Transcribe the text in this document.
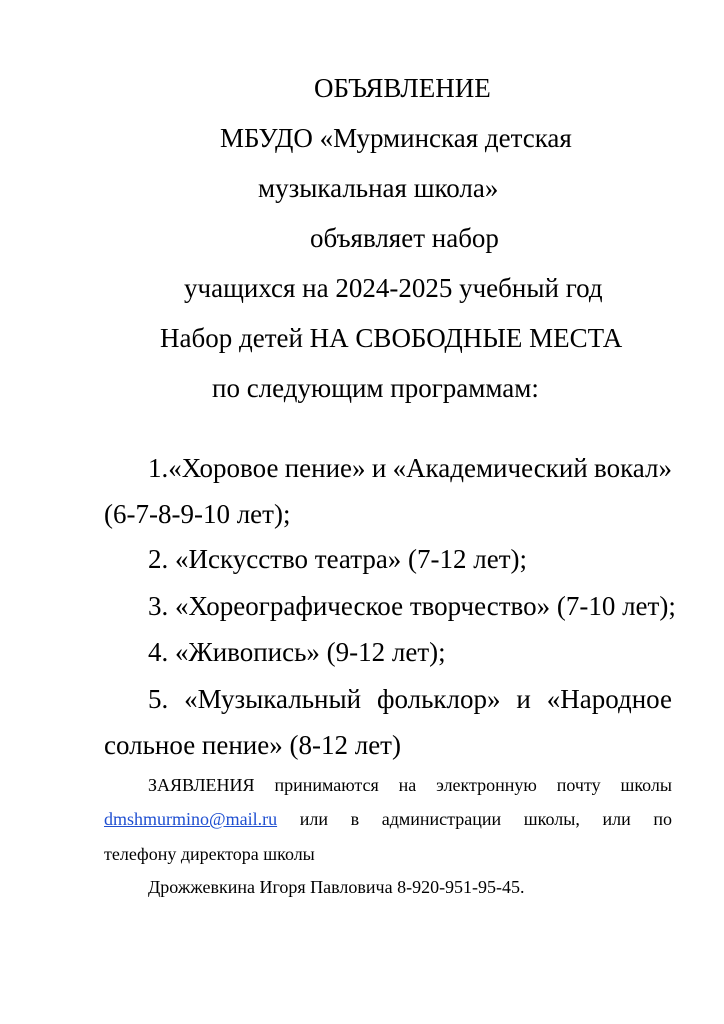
ОБЪЯВЛЕНИЕ
МБУДО «Мурминская детская
музыкальная школа»
объявляет набор
учащихся на 2024-2025 учебный год
Набор детей НА СВОБОДНЫЕ МЕСТА
по следующим программам:
1.«Хоровое пение» и «Академический вокал»
(6-7-8-9-10 лет);
2. «Искусство театра» (7-12 лет);
3. «Хореографическое творчество» (7-10 лет);
4. «Живопись» (9-12 лет);
5. «Музыкальный фольклор» и «Народное
сольное пение» (8-12 лет)
ЗАЯВЛЕНИЯ принимаются на электронную почту школы
dmshmurmino@mail.ru или в администрации школы, или по
телефону директора школы
Дрожжевкина Игоря Павловича 8-920-951-95-45.
